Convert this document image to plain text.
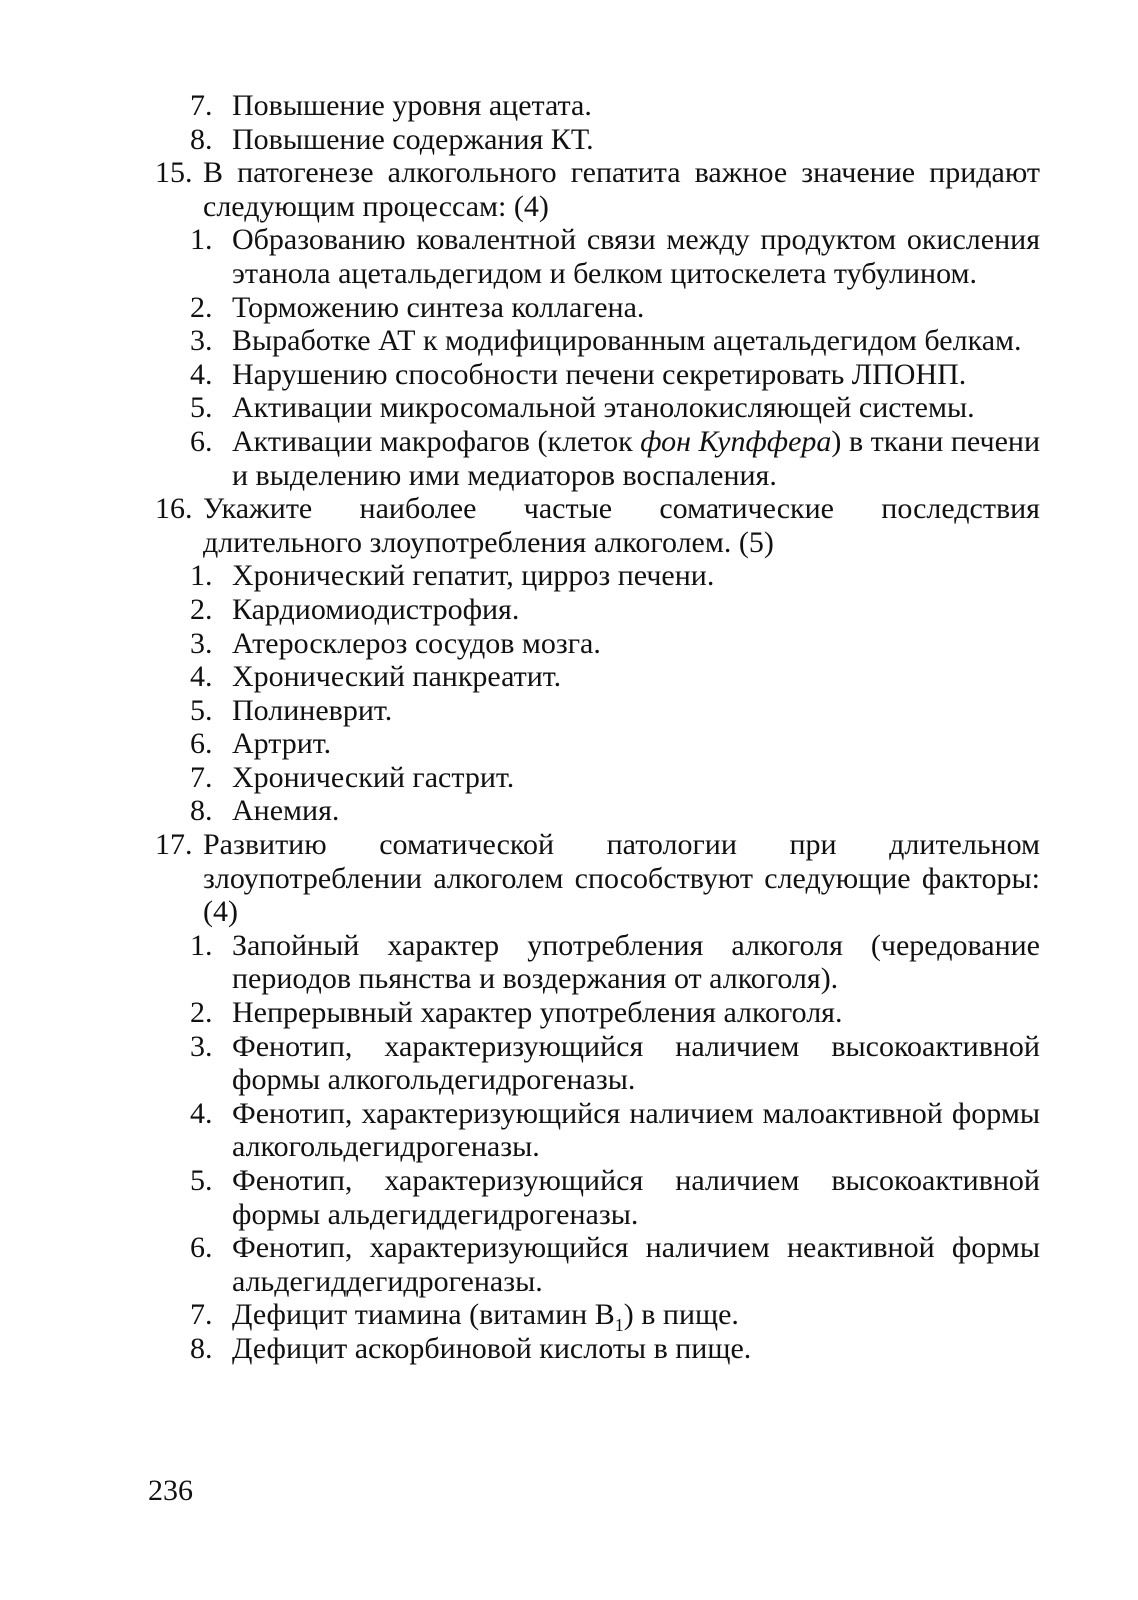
7. Повышение уровня ацетата.
8. Повышение содержания КТ.
15. В патогенезе алкогольного гепатита важное значение придают следующим процессам: (4)
1. Образованию ковалентной связи между продуктом окисления этанола ацетальдегидом и белком цитоскелета тубулином.
2. Торможению синтеза коллагена.
3. Выработке АТ к модифицированным ацетальдегидом белкам.
4. Нарушению способности печени секретировать ЛПОНП.
5. Активации микросомальной этанолокисляющей системы.
6. Активации макрофагов (клеток фон Купффера) в ткани печени и выделению ими медиаторов воспаления.
16. Укажите наиболее частые соматические последствия длительного злоупотребления алкоголем. (5)
1. Хронический гепатит, цирроз печени.
2. Кардиомиодистрофия.
3. Атеросклероз сосудов мозга.
4. Хронический панкреатит.
5. Полиневрит.
6. Артрит.
7. Хронический гастрит.
8. Анемия.
17. Развитию соматической патологии при длительном злоупотреблении алкоголем способствуют следующие факторы: (4)
1. Запойный характер употребления алкоголя (чередование периодов пьянства и воздержания от алкоголя).
2. Непрерывный характер употребления алкоголя.
3. Фенотип, характеризующийся наличием высокоактивной формы алкогольдегидрогеназы.
4. Фенотип, характеризующийся наличием малоактивной формы алкогольдегидрогеназы.
5. Фенотип, характеризующийся наличием высокоактивной формы альдегиддегидрогеназы.
6. Фенотип, характеризующийся наличием неактивной формы альдегиддегидрогеназы.
7. Дефицит тиамина (витамин $B_1$) в пище.
8. Дефицит аскорбиновой кислоты в пище.
236
